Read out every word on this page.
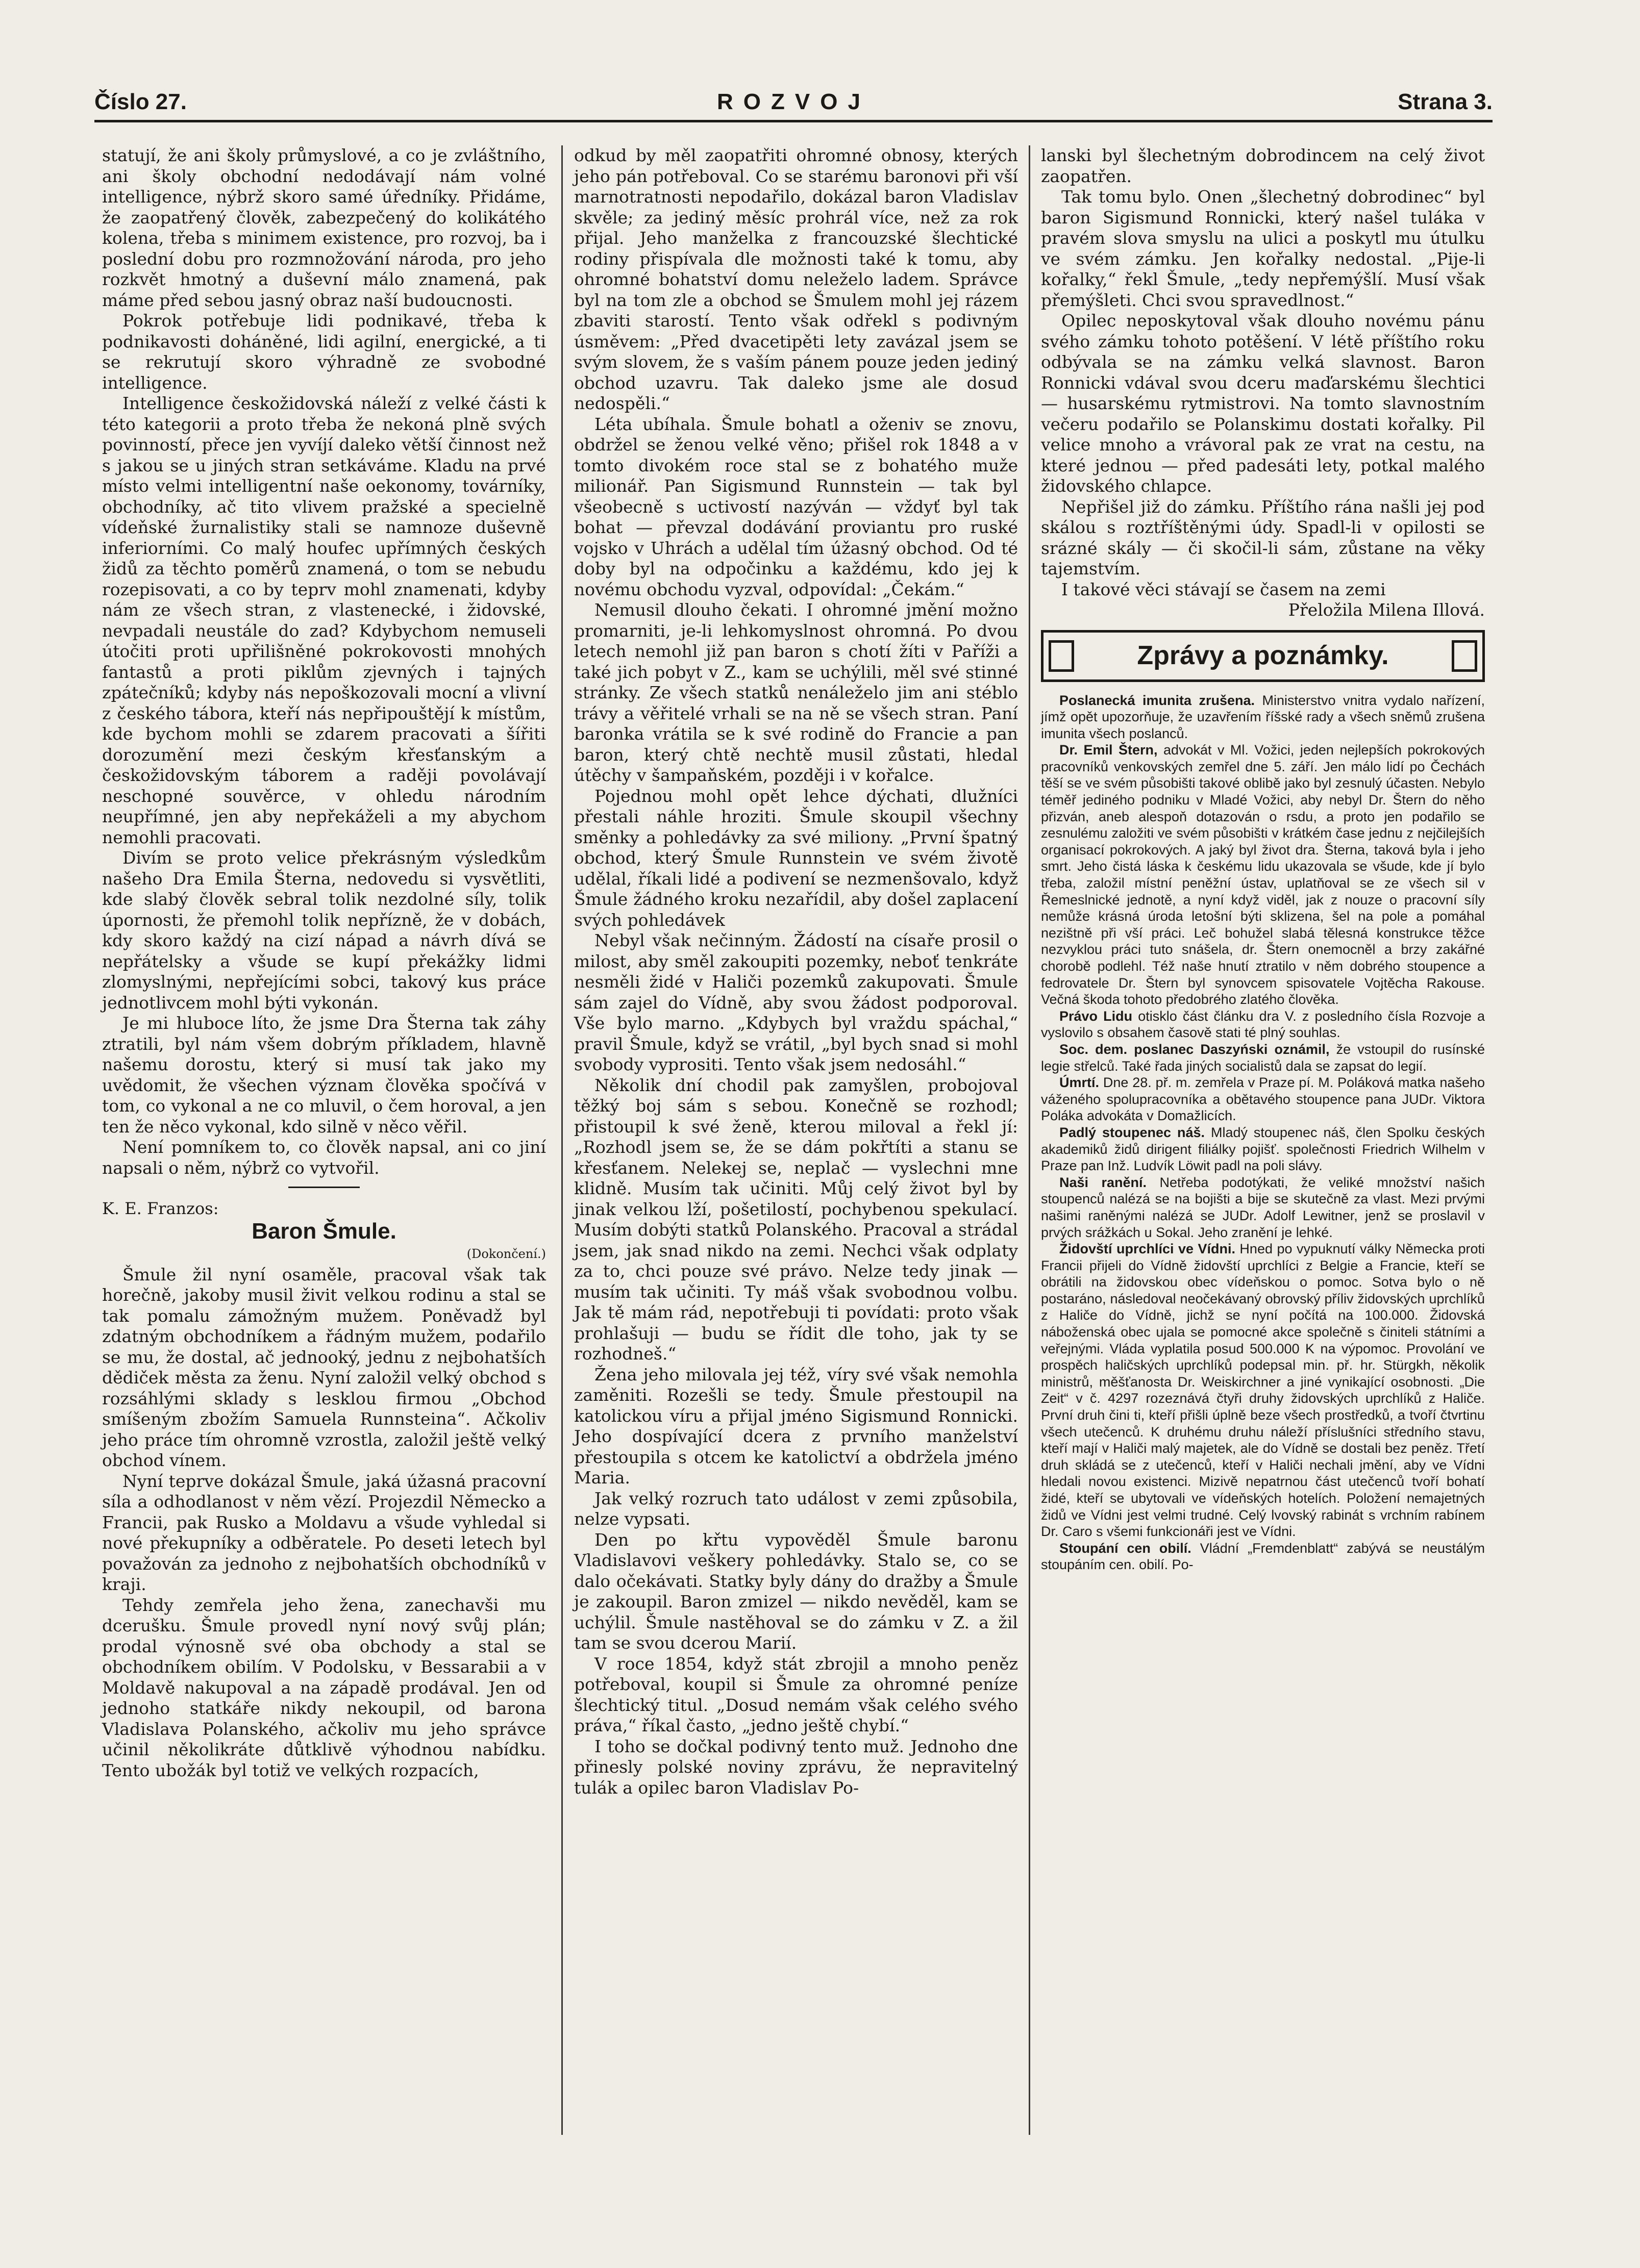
Číslo 27.	ROZVOJ	Strana 3.

statují, že ani školy průmyslové, a co je zvláštního, ani školy obchodní nedodávají nám volné intelligence, nýbrž skoro samé úředníky. Přidáme, že zaopatřený člověk, zabezpečený do kolikátého kolena, třeba s minimem existence, pro rozvoj, ba i poslední dobu pro rozmnožování národa, pro jeho rozkvět hmotný a duševní málo znamená, pak máme před sebou jasný obraz naší budoucnosti.

Pokrok potřebuje lidi podnikavé, třeba k podnikavosti doháněné, lidi agilní, energické, a ti se rekrutují skoro výhradně ze svobodné intelligence.

Intelligence českožidovská náleží z velké části k této kategorii a proto třeba že nekoná plně svých povinností, přece jen vyvíjí daleko větší činnost než s jakou se u jiných stran setkáváme. Kladu na prvé místo velmi intelligentní naše oekonomy, továrníky, obchodníky, ač tito vlivem pražské a specielně vídeňské žurnalistiky stali se namnoze duševně inferiorními. Co malý houfec upřímných českých židů za těchto poměrů znamená, o tom se nebudu rozepisovati, a co by teprv mohl znamenati, kdyby nám ze všech stran, z vlastenecké, i židovské, nevpadali neustále do zad? Kdybychom nemuseli útočiti proti upřilišněné pokrokovosti mnohých fantastů a proti piklům zjevných i tajných zpátečníků; kdyby nás nepoškozovali mocní a vlivní z českého tábora, kteří nás nepřipouštějí k místům, kde bychom mohli se zdarem pracovati a šířiti dorozumění mezi českým křesťanským a českožidovským táborem a raději povolávají neschopné souvěrce, v ohledu národním neupřímné, jen aby nepřekáželi a my abychom nemohli pracovati.

Divím se proto velice překrásným výsledkům našeho Dra Emila Šterna, nedovedu si vysvětliti, kde slabý člověk sebral tolik nezdolné síly, tolik úpornosti, že přemohl tolik nepřízně, že v dobách, kdy skoro každý na cizí nápad a návrh dívá se nepřátelsky a všude se kupí překážky lidmi zlomyslnými, nepřejícími sobci, takový kus práce jednotlivcem mohl býti vykonán.

Je mi hluboce líto, že jsme Dra Šterna tak záhy ztratili, byl nám všem dobrým příkladem, hlavně našemu dorostu, který si musí tak jako my uvědomit, že všechen význam člověka spočívá v tom, co vykonal a ne co mluvil, o čem horoval, a jen ten že něco vykonal, kdo silně v něco věřil.

Není pomníkem to, co člověk napsal, ani co jiní napsali o něm, nýbrž co vytvořil.

K. E. Franzos:

Baron Šmule.

(Dokončení.)

Šmule žil nyní osaměle, pracoval však tak horečně, jakoby musil živit velkou rodinu a stal se tak pomalu zámožným mužem. Poněvadž byl zdatným obchodníkem a řádným mužem, podařilo se mu, že dostal, ač jednooký, jednu z nejbohatších dědiček města za ženu. Nyní založil velký obchod s rozsáhlými sklady s lesklou firmou „Obchod smíšeným zbožím Samuela Runnsteina“. Ačkoliv jeho práce tím ohromně vzrostla, založil ještě velký obchod vínem.

Nyní teprve dokázal Šmule, jaká úžasná pracovní síla a odhodlanost v něm vězí. Projezdil Německo a Francii, pak Rusko a Moldavu a všude vyhledal si nové překupníky a odběratele. Po deseti letech byl považován za jednoho z nejbohatších obchodníků v kraji.

Tehdy zemřela jeho žena, zanechavši mu dcerušku. Šmule provedl nyní nový svůj plán; prodal výnosně své oba obchody a stal se obchodníkem obilím. V Podolsku, v Bessarabii a v Moldavě nakupoval a na západě prodával. Jen od jednoho statkáře nikdy nekoupil, od barona Vladislava Polanského, ačkoliv mu jeho správce učinil několikráte důtklivě výhodnou nabídku. Tento ubožák byl totiž ve velkých rozpacích,

odkud by měl zaopatřiti ohromné obnosy, kterých jeho pán potřeboval. Co se starému baronovi při vší marnotratnosti nepodařilo, dokázal baron Vladislav skvěle; za jediný měsíc prohrál více, než za rok přijal. Jeho manželka z francouzské šlechtické rodiny přispívala dle možnosti také k tomu, aby ohromné bohatství domu neleželo ladem. Správce byl na tom zle a obchod se Šmulem mohl jej rázem zbaviti starostí. Tento však odřekl s podivným úsměvem: „Před dvacetipěti lety zavázal jsem se svým slovem, že s vaším pánem pouze jeden jediný obchod uzavru. Tak daleko jsme ale dosud nedospěli.“

Léta ubíhala. Šmule bohatl a oženiv se znovu, obdržel se ženou velké věno; přišel rok 1848 a v tomto divokém roce stal se z bohatého muže milionář. Pan Sigismund Runnstein — tak byl všeobecně s uctivostí nazýván — vždyť byl tak bohat — převzal dodávání proviantu pro ruské vojsko v Uhrách a udělal tím úžasný obchod. Od té doby byl na odpočinku a každému, kdo jej k novému obchodu vyzval, odpovídal: „Čekám.“

Nemusil dlouho čekati. I ohromné jmění možno promarniti, je-li lehkomyslnost ohromná. Po dvou letech nemohl již pan baron s chotí žíti v Paříži a také jich pobyt v Z., kam se uchýlili, měl své stinné stránky. Ze všech statků nenáleželo jim ani stéblo trávy a věřitelé vrhali se na ně se všech stran. Paní baronka vrátila se k své rodině do Francie a pan baron, který chtě nechtě musil zůstati, hledal útěchy v šampaňském, později i v kořalce.

Pojednou mohl opět lehce dýchati, dlužníci přestali náhle hroziti. Šmule skoupil všechny směnky a pohledávky za své miliony. „První špatný obchod, který Šmule Runnstein ve svém životě udělal, říkali lidé a podivení se nezmenšovalo, když Šmule žádného kroku nezařídil, aby došel zaplacení svých pohledávek

Nebyl však nečinným. Žádostí na císaře prosil o milost, aby směl zakoupiti pozemky, neboť tenkráte nesměli židé v Haliči pozemků zakupovati. Šmule sám zajel do Vídně, aby svou žádost podporoval. Vše bylo marno. „Kdybych byl vraždu spáchal,“ pravil Šmule, když se vrátil, „byl bych snad si mohl svobody vyprositi. Tento však jsem nedosáhl.“

Několik dní chodil pak zamyšlen, probojoval těžký boj sám s sebou. Konečně se rozhodl; přistoupil k své ženě, kterou miloval a řekl jí: „Rozhodl jsem se, že se dám pokřtíti a stanu se křesťanem. Nelekej se, neplač — vyslechni mne klidně. Musím tak učiniti. Můj celý život byl by jinak velkou lží, pošetilostí, pochybenou spekulací. Musím dobýti statků Polanského. Pracoval a strádal jsem, jak snad nikdo na zemi. Nechci však odplaty za to, chci pouze své právo. Nelze tedy jinak — musím tak učiniti. Ty máš však svobodnou volbu. Jak tě mám rád, nepotřebuji ti povídati: proto však prohlašuji — budu se řídit dle toho, jak ty se rozhodneš.“

Žena jeho milovala jej též, víry své však nemohla zaměniti. Rozešli se tedy. Šmule přestoupil na katolickou víru a přijal jméno Sigismund Ronnicki. Jeho dospívající dcera z prvního manželství přestoupila s otcem ke katolictví a obdržela jméno Maria.

Jak velký rozruch tato událost v zemi způsobila, nelze vypsati.

Den po křtu vypověděl Šmule baronu Vladislavovi veškery pohledávky. Stalo se, co se dalo očekávati. Statky byly dány do dražby a Šmule je zakoupil. Baron zmizel — nikdo nevěděl, kam se uchýlil. Šmule nastěhoval se do zámku v Z. a žil tam se svou dcerou Marií.

V roce 1854, když stát zbrojil a mnoho peněz potřeboval, koupil si Šmule za ohromné peníze šlechtický titul. „Dosud nemám však celého svého práva,“ říkal často, „jedno ještě chybí.“

I toho se dočkal podivný tento muž. Jednoho dne přinesly polské noviny zprávu, že nepravitelný tulák a opilec baron Vladislav Po-

lanski byl šlechetným dobrodincem na celý život zaopatřen.

Tak tomu bylo. Onen „šlechetný dobrodinec“ byl baron Sigismund Ronnicki, který našel tuláka v pravém slova smyslu na ulici a poskytl mu útulku ve svém zámku. Jen kořalky nedostal. „Pije-li kořalky,“ řekl Šmule, „tedy nepřemýšlí. Musí však přemýšleti. Chci svou spravedlnost.“

Opilec neposkytoval však dlouho novému pánu svého zámku tohoto potěšení. V létě příštího roku odbývala se na zámku velká slavnost. Baron Ronnicki vdával svou dceru maďarskému šlechtici — husarskému rytmistrovi. Na tomto slavnostním večeru podařilo se Polanskimu dostati kořalky. Pil velice mnoho a vrávoral pak ze vrat na cestu, na které jednou — před padesáti lety, potkal malého židovského chlapce.

Nepřišel již do zámku. Příštího rána našli jej pod skálou s roztříštěnými údy. Spadl-li v opilosti se srázné skály — či skočil-li sám, zůstane na věky tajemstvím.

I takové věci stávají se časem na zemi

Přeložila Milena Illová.

Zprávy a poznámky.

Poslanecká imunita zrušena. Ministerstvo vnitra vydalo nařízení, jímž opět upozorňuje, že uzavřením říšské rady a všech sněmů zrušena imunita všech poslanců.

Dr. Emil Štern, advokát v Ml. Vožici, jeden nejlepších pokrokových pracovníků venkovských zemřel dne 5. září. Jen málo lidí po Čechách těší se ve svém působišti takové oblibě jako byl zesnulý účasten. Nebylo téměř jediného podniku v Mladé Vožici, aby nebyl Dr. Štern do něho přizván, aneb alespoň dotazován o rsdu, a proto jen podařilo se zesnulému založiti ve svém působišti v krátkém čase jednu z nejčilejších organisací pokrokových. A jaký byl život dra. Šterna, taková byla i jeho smrt. Jeho čistá láska k českému lidu ukazovala se všude, kde jí bylo třeba, založil místní peněžní ústav, uplatňoval se ze všech sil v Řemeslnické jednotě, a nyní když viděl, jak z nouze o pracovní síly nemůže krásná úroda letošní býti sklizena, šel na pole a pomáhal nezištně při vší práci. Leč bohužel slabá tělesná konstrukce těžce nezvyklou práci tuto snášela, dr. Štern onemocněl a brzy zakářné chorobě podlehl. Též naše hnutí ztratilo v něm dobrého stoupence a fedrovatele Dr. Štern byl synovcem spisovatele Vojtěcha Rakouse. Večná škoda tohoto předobrého zlatého člověka.

Právo Lidu otisklo část článku dra V. z posledního čísla Rozvoje a vyslovilo s obsahem časově stati té plný souhlas.

Soc. dem. poslanec Daszyński oznámil, že vstoupil do rusínské legie střelců. Také řada jiných socialistů dala se zapsat do legií.

Úmrtí. Dne 28. př. m. zemřela v Praze pí. M. Poláková matka našeho váženého spolupracovníka a obětavého stoupence pana JUDr. Viktora Poláka advokáta v Domažlicích.

Padlý stoupenec náš. Mladý stoupenec náš, člen Spolku českých akademiků židů dirigent filiálky pojišť. společnosti Friedrich Wilhelm v Praze pan Inž. Ludvík Löwit padl na poli slávy.

Naši ranění. Netřeba podotýkati, že veliké množství našich stoupenců nalézá se na bojišti a bije se skutečně za vlast. Mezi prvými našimi raněnými nalézá se JUDr. Adolf Lewitner, jenž se proslavil v prvých srážkách u Sokal. Jeho zranění je lehké.

Židovští uprchlíci ve Vídni. Hned po vypuknutí války Německa proti Francii přijeli do Vídně židovští uprchlíci z Belgie a Francie, kteří se obrátili na židovskou obec vídeňskou o pomoc. Sotva bylo o ně postaráno, následoval neočekávaný obrovský příliv židovských uprchlíků z Haliče do Vídně, jichž se nyní počítá na 100.000. Židovská náboženská obec ujala se pomocné akce společně s činiteli státními a veřejnými. Vláda vyplatila posud 500.000 K na výpomoc. Provolání ve prospěch haličských uprchlíků podepsal min. př. hr. Stürgkh, několik ministrů, měšťanosta Dr. Weiskirchner a jiné vynikající osobnosti. „Die Zeit“ v č. 4297 rozeznává čtyři druhy židovských uprchlíků z Haliče. První druh čini ti, kteří přišli úplně beze všech prostředků, a tvoří čtvrtinu všech utečenců. K druhému druhu náleží příslušníci středního stavu, kteří mají v Haliči malý majetek, ale do Vídně se dostali bez peněz. Třetí druh skládá se z utečenců, kteří v Haliči nechali jmění, aby ve Vídni hledali novou existenci. Mizivě nepatrnou část utečenců tvoří bohatí židé, kteří se ubytovali ve vídeňských hotelích. Položení nemajetných židů ve Vídni jest velmi trudné. Celý lvovský rabinát s vrchním rabínem Dr. Caro s všemi funkcionáři jest ve Vídni.

Stoupání cen obilí. Vládní „Fremdenblatt“ zabývá se neustálým stoupáním cen. obilí. Po-
